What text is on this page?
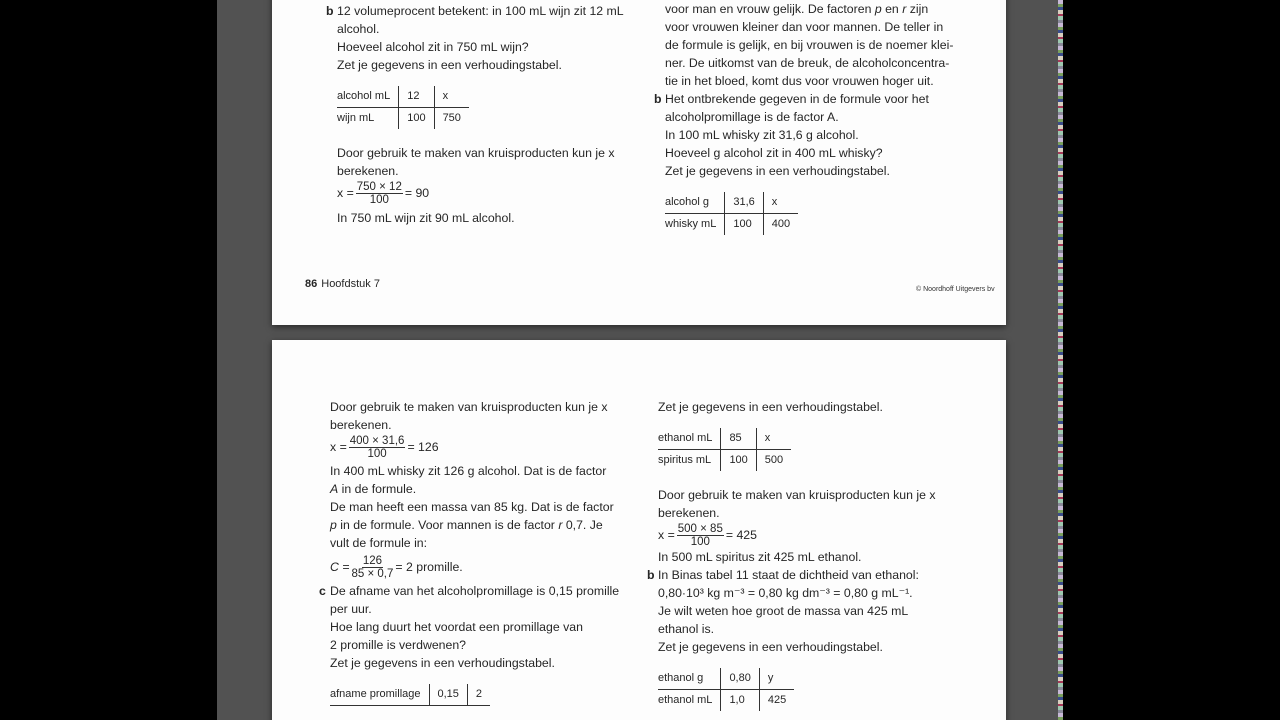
b 12 volumeprocent betekent: in 100 mL wijn zit 12 mL
alcohol.
Hoeveel alcohol zit in 750 mL wijn?
Zet je gegevens in een verhoudingstabel.
alcohol mL	12	x
wijn mL	100	750
Door gebruik te maken van kruisproducten kun je x
berekenen.
$x = \frac{750 \times 12}{100} = 90$
In 750 mL wijn zit 90 mL alcohol.
voor man en vrouw gelijk. De factoren p en r zijn
voor vrouwen kleiner dan voor mannen. De teller in
de formule is gelijk, en bij vrouwen is de noemer klei-
ner. De uitkomst van de breuk, de alcoholconcentra-
tie in het bloed, komt dus voor vrouwen hoger uit.
b Het ontbrekende gegeven in de formule voor het
alcoholpromillage is de factor A.
In 100 mL whisky zit 31,6 g alcohol.
Hoeveel g alcohol zit in 400 mL whisky?
Zet je gegevens in een verhoudingstabel.
alcohol g	31,6	x
whisky mL	100	400
86 Hoofdstuk 7	© Noordhoff Uitgevers bv
Door gebruik te maken van kruisproducten kun je x
berekenen.
$x = \frac{400 \times 31,6}{100} = 126$
In 400 mL whisky zit 126 g alcohol. Dat is de factor
A in de formule.
De man heeft een massa van 85 kg. Dat is de factor
p in de formule. Voor mannen is de factor r 0,7. Je
vult de formule in:
$C = \frac{126}{85 \times 0,7} = 2$ promille.
c De afname van het alcoholpromillage is 0,15 promille
per uur.
Hoe lang duurt het voordat een promillage van
2 promille is verdwenen?
Zet je gegevens in een verhoudingstabel.
afname promillage	0,15	2
Zet je gegevens in een verhoudingstabel.
ethanol mL	85	x
spiritus mL	100	500
Door gebruik te maken van kruisproducten kun je x
berekenen.
$x = \frac{500 \times 85}{100} = 425$
In 500 mL spiritus zit 425 mL ethanol.
b In Binas tabel 11 staat de dichtheid van ethanol:
0,80·10³ kg m⁻³ = 0,80 kg dm⁻³ = 0,80 g mL⁻¹.
Je wilt weten hoe groot de massa van 425 mL
ethanol is.
Zet je gegevens in een verhoudingstabel.
ethanol g	0,80	y
ethanol mL	1,0	425
